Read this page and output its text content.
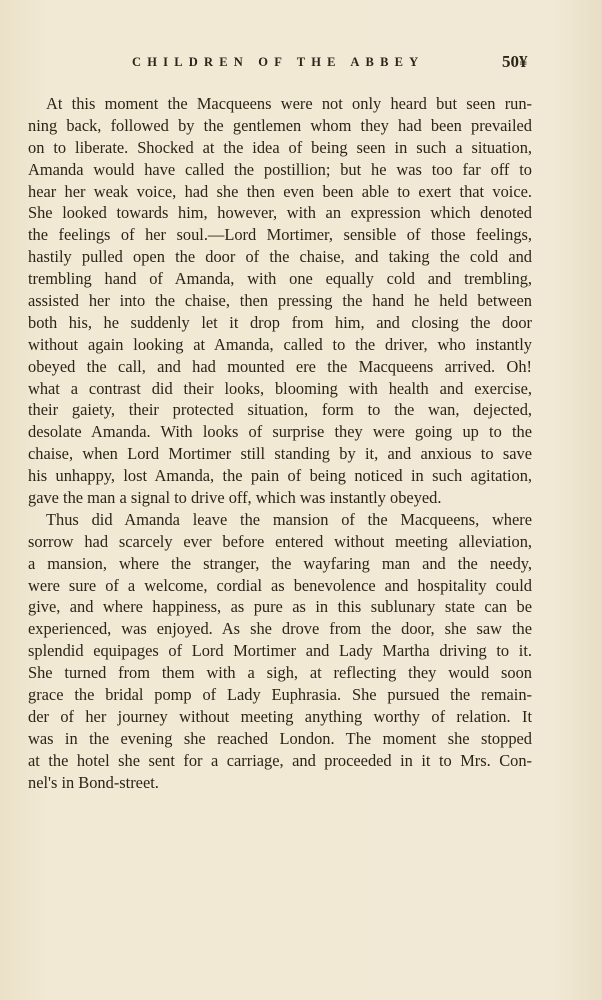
CHILDREN OF THE ABBEY	50¥
At this moment the Macqueens were not only heard but seen run-
ning back, followed by the gentlemen whom they had been prevailed
on to liberate. Shocked at the idea of being seen in such a situation,
Amanda would have called the postillion; but he was too far off to
hear her weak voice, had she then even been able to exert that voice.
She looked towards him, however, with an expression which denoted
the feelings of her soul.—Lord Mortimer, sensible of those feelings,
hastily pulled open the door of the chaise, and taking the cold and
trembling hand of Amanda, with one equally cold and trembling,
assisted her into the chaise, then pressing the hand he held between
both his, he suddenly let it drop from him, and closing the door
without again looking at Amanda, called to the driver, who instantly
obeyed the call, and had mounted ere the Macqueens arrived. Oh!
what a contrast did their looks, blooming with health and exercise,
their gaiety, their protected situation, form to the wan, dejected,
desolate Amanda. With looks of surprise they were going up to the
chaise, when Lord Mortimer still standing by it, and anxious to save
his unhappy, lost Amanda, the pain of being noticed in such agitation,
gave the man a signal to drive off, which was instantly obeyed.
Thus did Amanda leave the mansion of the Macqueens, where
sorrow had scarcely ever before entered without meeting alleviation,
a mansion, where the stranger, the wayfaring man and the needy,
were sure of a welcome, cordial as benevolence and hospitality could
give, and where happiness, as pure as in this sublunary state can be
experienced, was enjoyed. As she drove from the door, she saw the
splendid equipages of Lord Mortimer and Lady Martha driving to it.
She turned from them with a sigh, at reflecting they would soon
grace the bridal pomp of Lady Euphrasia. She pursued the remain-
der of her journey without meeting anything worthy of relation. It
was in the evening she reached London. The moment she stopped
at the hotel she sent for a carriage, and proceeded in it to Mrs. Con-
nel's in Bond-street.
